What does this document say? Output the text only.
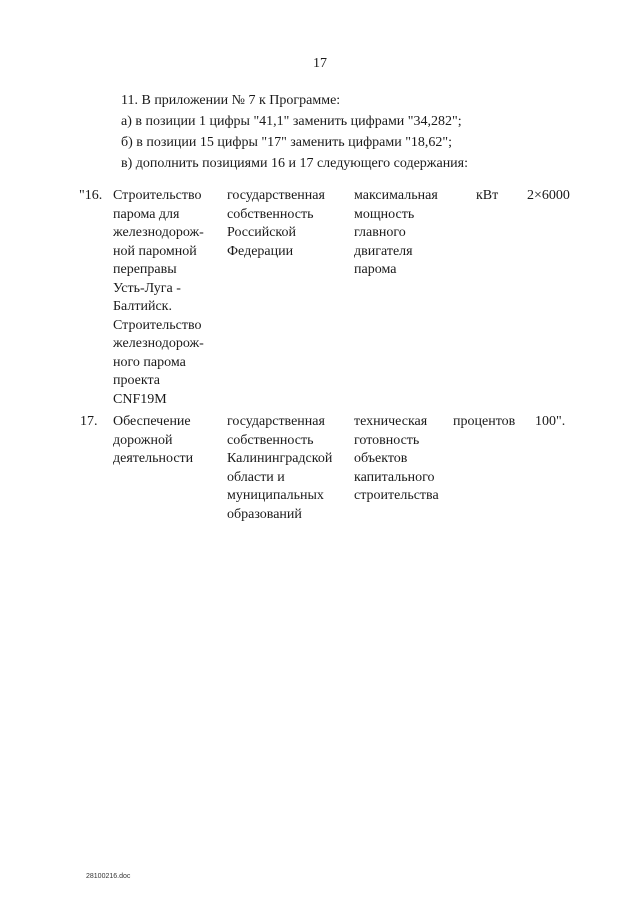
17
11. В приложении № 7 к Программе:
а) в позиции 1 цифры "41,1" заменить цифрами "34,282";
б) в позиции 15 цифры "17" заменить цифрами "18,62";
в) дополнить позициями 16 и 17 следующего содержания:
"16. Строительство
парома для
железнодорож-
ной паромной
переправы
Усть-Луга -
Балтийск.
Строительство
железнодорож-
ного парома
проекта
CNF19M
государственная
собственность
Российской
Федерации
максимальная
мощность
главного
двигателя
парома
кВт 2×6000
17. Обеспечение
дорожной
деятельности
государственная
собственность
Калининградской
области и
муниципальных
образований
техническая
готовность
объектов
капитального
строительства
процентов 100".
28100216.doc
